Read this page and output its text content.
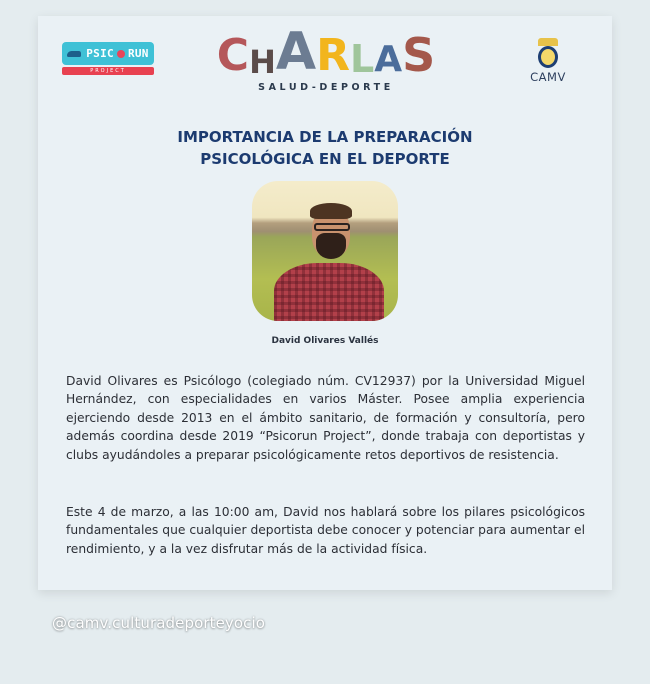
PSIC RUN
PROJECT	C H A R L A S
SALUD-DEPORTE
CAMV
IMPORTANCIA DE LA PREPARACIÓN
PSICOLÓGICA EN EL DEPORTE
David Olivares Vallés

David Olivares es Psicólogo (colegiado núm. CV12937) por la Universidad Miguel Hernández, con especialidades en varios Máster. Posee amplia experiencia ejerciendo desde 2013 en el ámbito sanitario, de formación y consultoría, pero además coordina desde 2019 “Psicorun Project”, donde trabaja con deportistas y clubs ayudándoles a preparar psicológicamente retos deportivos de resistencia.

Este 4 de marzo, a las 10:00 am, David nos hablará sobre los pilares psicológicos fundamentales que cualquier deportista debe conocer y potenciar para aumentar el rendimiento, y a la vez disfrutar más de la actividad física.

@camv.culturadeporteyocio
